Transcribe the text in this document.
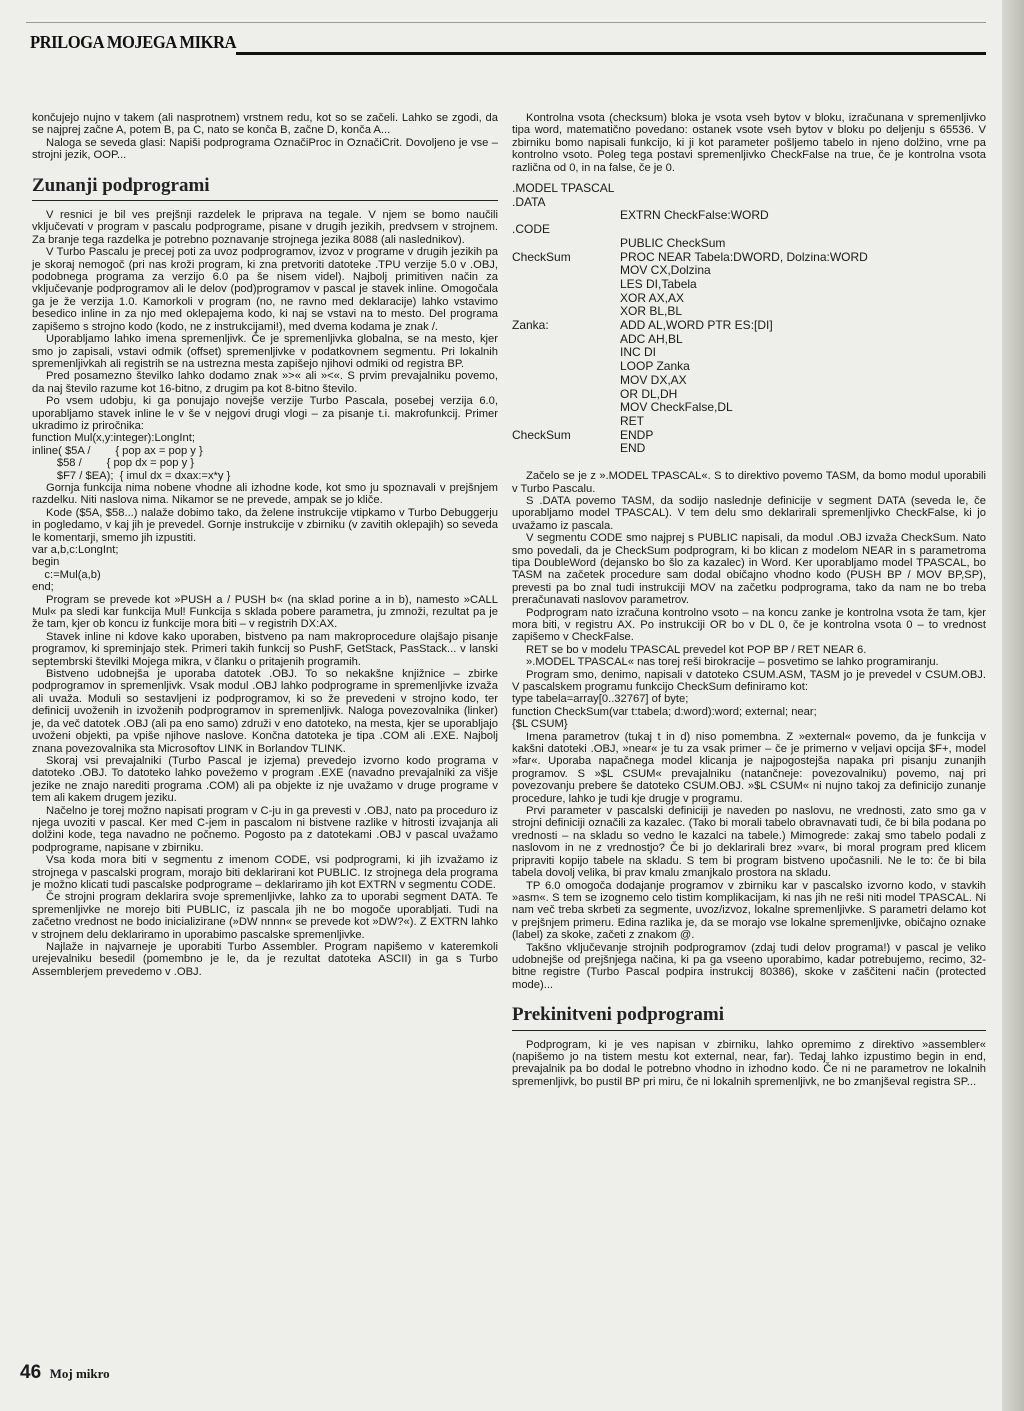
PRILOGA MOJEGA MIKRA

končujejo nujno v takem (ali nasprotnem) vrstnem redu, kot so se začeli. Lahko se zgodi, da se najprej začne A, potem B, pa C, nato se konča B, začne D, konča A...

Naloga se seveda glasi: Napiši podprograma OznačiProc in OznačiCrit. Dovoljeno je vse – strojni jezik, OOP...

Zunanji podprogrami

V resnici je bil ves prejšnji razdelek le priprava na tegale. V njem se bomo naučili vključevati v program v pascalu podprograme, pisane v drugih jezikih, predvsem v strojnem. Za branje tega razdelka je potrebno poznavanje strojnega jezika 8088 (ali naslednikov).

V Turbo Pascalu je precej poti za uvoz podprogramov, izvoz v programe v drugih jezikih pa je skoraj nemogoč (pri nas kroži program, ki zna pretvoriti datoteke .TPU verzije 5.0 v .OBJ, podobnega programa za verzijo 6.0 pa še nisem videl). Najbolj primitiven način za vključevanje podprogramov ali le delov (pod)programov v pascal je stavek inline. Omogočala ga je že verzija 1.0. Kamorkoli v program (no, ne ravno med deklaracije) lahko vstavimo besedico inline in za njo med oklepajema kodo, ki naj se vstavi na to mesto. Del programa zapišemo s strojno kodo (kodo, ne z instrukcijami!), med dvema kodama je znak /.

Uporabljamo lahko imena spremenljivk. Če je spremenljivka globalna, se na mesto, kjer smo jo zapisali, vstavi odmik (offset) spremenljivke v podatkovnem segmentu. Pri lokalnih spremenljivkah ali registrih se na ustrezna mesta zapišejo njihovi odmiki od registra BP.

Pred posamezno številko lahko dodamo znak »>« ali »<«. S prvim prevajalniku povemo, da naj število razume kot 16-bitno, z drugim pa kot 8-bitno število.

Po vsem udobju, ki ga ponujajo novejše verzije Turbo Pascala, posebej verzija 6.0, uporabljamo stavek inline le v še v nejgovi drugi vlogi – za pisanje t.i. makrofunkcij. Primer ukradimo iz priročnika:

function Mul(x,y:integer):LongInt;

inline( $5A /        { pop ax = pop y }

$58 /        { pop dx = pop y }

$F7 / $EA);  { imul dx = dxax:=x*y }

Gornja funkcija nima nobene vhodne ali izhodne kode, kot smo ju spoznavali v prejšnjem razdelku. Niti naslova nima. Nikamor se ne prevede, ampak se jo kliče.

Kode ($5A, $58...) nalaže dobimo tako, da želene instrukcije vtipkamo v Turbo Debuggerju in pogledamo, v kaj jih je prevedel. Gornje instrukcije v zbirniku (v zavitih oklepajih) so seveda le komentarji, smemo jih izpustiti.

var a,b,c:LongInt;

begin

c:=Mul(a,b)

end;

Program se prevede kot »PUSH a / PUSH b« (na sklad porine a in b), namesto »CALL Mul« pa sledi kar funkcija Mul! Funkcija s sklada pobere parametra, ju zmnoži, rezultat pa je že tam, kjer ob koncu iz funkcije mora biti – v registrih DX:AX.

Stavek inline ni kdove kako uporaben, bistveno pa nam makroprocedure olajšajo pisanje programov, ki spreminjajo stek. Primeri takih funkcij so PushF, GetStack, PasStack... v lanski septembrski številki Mojega mikra, v članku o pritajenih programih.

Bistveno udobnejša je uporaba datotek .OBJ. To so nekakšne knjižnice – zbirke podprogramov in spremenljivk. Vsak modul .OBJ lahko podprograme in spremenljivke izvaža ali uvaža. Moduli so sestavljeni iz podprogramov, ki so že prevedeni v strojno kodo, ter definicij uvoženih in izvoženih podprogramov in spremenljivk. Naloga povezovalnika (linker) je, da več datotek .OBJ (ali pa eno samo) združi v eno datoteko, na mesta, kjer se uporabljajo uvoženi objekti, pa vpiše njihove naslove. Končna datoteka je tipa .COM ali .EXE. Najbolj znana povezovalnika sta Microsoftov LINK in Borlandov TLINK.

Skoraj vsi prevajalniki (Turbo Pascal je izjema) prevedejo izvorno kodo programa v datoteko .OBJ. To datoteko lahko povežemo v program .EXE (navadno prevajalniki za višje jezike ne znajo narediti programa .COM) ali pa objekte iz nje uvažamo v druge programe v tem ali kakem drugem jeziku.

Načelno je torej možno napisati program v C-ju in ga prevesti v .OBJ, nato pa proceduro iz njega uvoziti v pascal. Ker med C-jem in pascalom ni bistvene razlike v hitrosti izvajanja ali dolžini kode, tega navadno ne počnemo. Pogosto pa z datotekami .OBJ v pascal uvažamo podprograme, napisane v zbirniku.

Vsa koda mora biti v segmentu z imenom CODE, vsi podprogrami, ki jih izvažamo iz strojnega v pascalski program, morajo biti deklarirani kot PUBLIC. Iz strojnega dela programa je možno klicati tudi pascalske podprograme – deklariramo jih kot EXTRN v segmentu CODE.

Če strojni program deklarira svoje spremenljivke, lahko za to uporabi segment DATA. Te spremenljivke ne morejo biti PUBLIC, iz pascala jih ne bo mogoče uporabljati. Tudi na začetno vrednost ne bodo inicializirane (»DW nnnn« se prevede kot »DW?«). Z EXTRN lahko v strojnem delu deklariramo in uporabimo pascalske spremenljivke.

Najlaže in najvarneje je uporabiti Turbo Assembler. Program napišemo v kateremkoli urejevalniku besedil (pomembno je le, da je rezultat datoteka ASCII) in ga s Turbo Assemblerjem prevedemo v .OBJ.

Kontrolna vsota (checksum) bloka je vsota vseh bytov v bloku, izračunana v spremenljivko tipa word, matematično povedano: ostanek vsote vseh bytov v bloku po deljenju s 65536. V zbirniku bomo napisali funkcijo, ki ji kot parameter pošljemo tabelo in njeno dolžino, vrne pa kontrolno vsoto. Poleg tega postavi spremenljivko CheckFalse na true, če je kontrolna vsota različna od 0, in na false, če je 0.

.MODEL TPASCAL
.DATA
EXTRN CheckFalse:WORD
.CODE
PUBLIC CheckSum
CheckSum	PROC NEAR Tabela:DWORD, Dolzina:WORD
MOV CX,Dolzina
LES DI,Tabela
XOR AX,AX
XOR BL,BL
Zanka:	ADD AL,WORD PTR ES:[DI]
ADC AH,BL
INC DI
LOOP Zanka
MOV DX,AX
OR DL,DH
MOV CheckFalse,DL
RET
CheckSum	ENDP
END

Začelo se je z ».MODEL TPASCAL«. S to direktivo povemo TASM, da bomo modul uporabili v Turbo Pascalu.

S .DATA povemo TASM, da sodijo naslednje definicije v segment DATA (seveda le, če uporabljamo model TPASCAL). V tem delu smo deklarirali spremenljivko CheckFalse, ki jo uvažamo iz pascala.

V segmentu CODE smo najprej s PUBLIC napisali, da modul .OBJ izvaža CheckSum. Nato smo povedali, da je CheckSum podprogram, ki bo klican z modelom NEAR in s parametroma tipa DoubleWord (dejansko bo šlo za kazalec) in Word. Ker uporabljamo model TPASCAL, bo TASM na začetek procedure sam dodal običajno vhodno kodo (PUSH BP / MOV BP,SP), prevesti pa bo znal tudi instrukciji MOV na začetku podprograma, tako da nam ne bo treba preračunavati naslovov parametrov.

Podprogram nato izračuna kontrolno vsoto – na koncu zanke je kontrolna vsota že tam, kjer mora biti, v registru AX. Po instrukciji OR bo v DL 0, če je kontrolna vsota 0 – to vrednost zapišemo v CheckFalse.

RET se bo v modelu TPASCAL prevedel kot POP BP / RET NEAR 6.

».MODEL TPASCAL« nas torej reši birokracije – posvetimo se lahko programiranju.

Program smo, denimo, napisali v datoteko CSUM.ASM, TASM jo je prevedel v CSUM.OBJ. V pascalskem programu funkcijo CheckSum definiramo kot:

type tabela=array[0..32767] of byte;

function CheckSum(var t:tabela; d:word):word; external; near;

{$L CSUM}

Imena parametrov (tukaj t in d) niso pomembna. Z »external« povemo, da je funkcija v kakšni datoteki .OBJ, »near« je tu za vsak primer – če je primerno v veljavi opcija $F+, model »far«. Uporaba napačnega model klicanja je najpogostejša napaka pri pisanju zunanjih programov. S »$L CSUM« prevajalniku (natančneje: povezovalniku) povemo, naj pri povezovanju prebere še datoteko CSUM.OBJ. »$L CSUM« ni nujno takoj za definicijo zunanje procedure, lahko je tudi kje drugje v programu.

Prvi parameter v pascalski definiciji je naveden po naslovu, ne vrednosti, zato smo ga v strojni definiciji označili za kazalec. (Tako bi morali tabelo obravnavati tudi, če bi bila podana po vrednosti – na skladu so vedno le kazalci na tabele.) Mimogrede: zakaj smo tabelo podali z naslovom in ne z vrednostjo? Če bi jo deklarirali brez »var«, bi moral program pred klicem pripraviti kopijo tabele na skladu. S tem bi program bistveno upočasnili. Ne le to: če bi bila tabela dovolj velika, bi prav kmalu zmanjkalo prostora na skladu.

TP 6.0 omogoča dodajanje programov v zbirniku kar v pascalsko izvorno kodo, v stavkih »asm«. S tem se izognemo celo tistim komplikacijam, ki nas jih ne reši niti model TPASCAL. Ni nam več treba skrbeti za segmente, uvoz/izvoz, lokalne spremenljivke. S parametri delamo kot v prejšnjem primeru. Edina razlika je, da se morajo vse lokalne spremenljivke, običajno oznake (label) za skoke, začeti z znakom @.

Takšno vključevanje strojnih podprogramov (zdaj tudi delov programa!) v pascal je veliko udobnejše od prejšnjega načina, ki pa ga vseeno uporabimo, kadar potrebujemo, recimo, 32-bitne registre (Turbo Pascal podpira instrukcij 80386), skoke v zaščiteni način (protected mode)...

Prekinitveni podprogrami

Podprogram, ki je ves napisan v zbirniku, lahko opremimo z direktivo »assembler« (napišemo jo na tistem mestu kot external, near, far). Tedaj lahko izpustimo begin in end, prevajalnik pa bo dodal le potrebno vhodno in izhodno kodo. Če ni ne parametrov ne lokalnih spremenljivk, bo pustil BP pri miru, če ni lokalnih spremenljivk, ne bo zmanjševal registra SP...

46 Moj mikro
